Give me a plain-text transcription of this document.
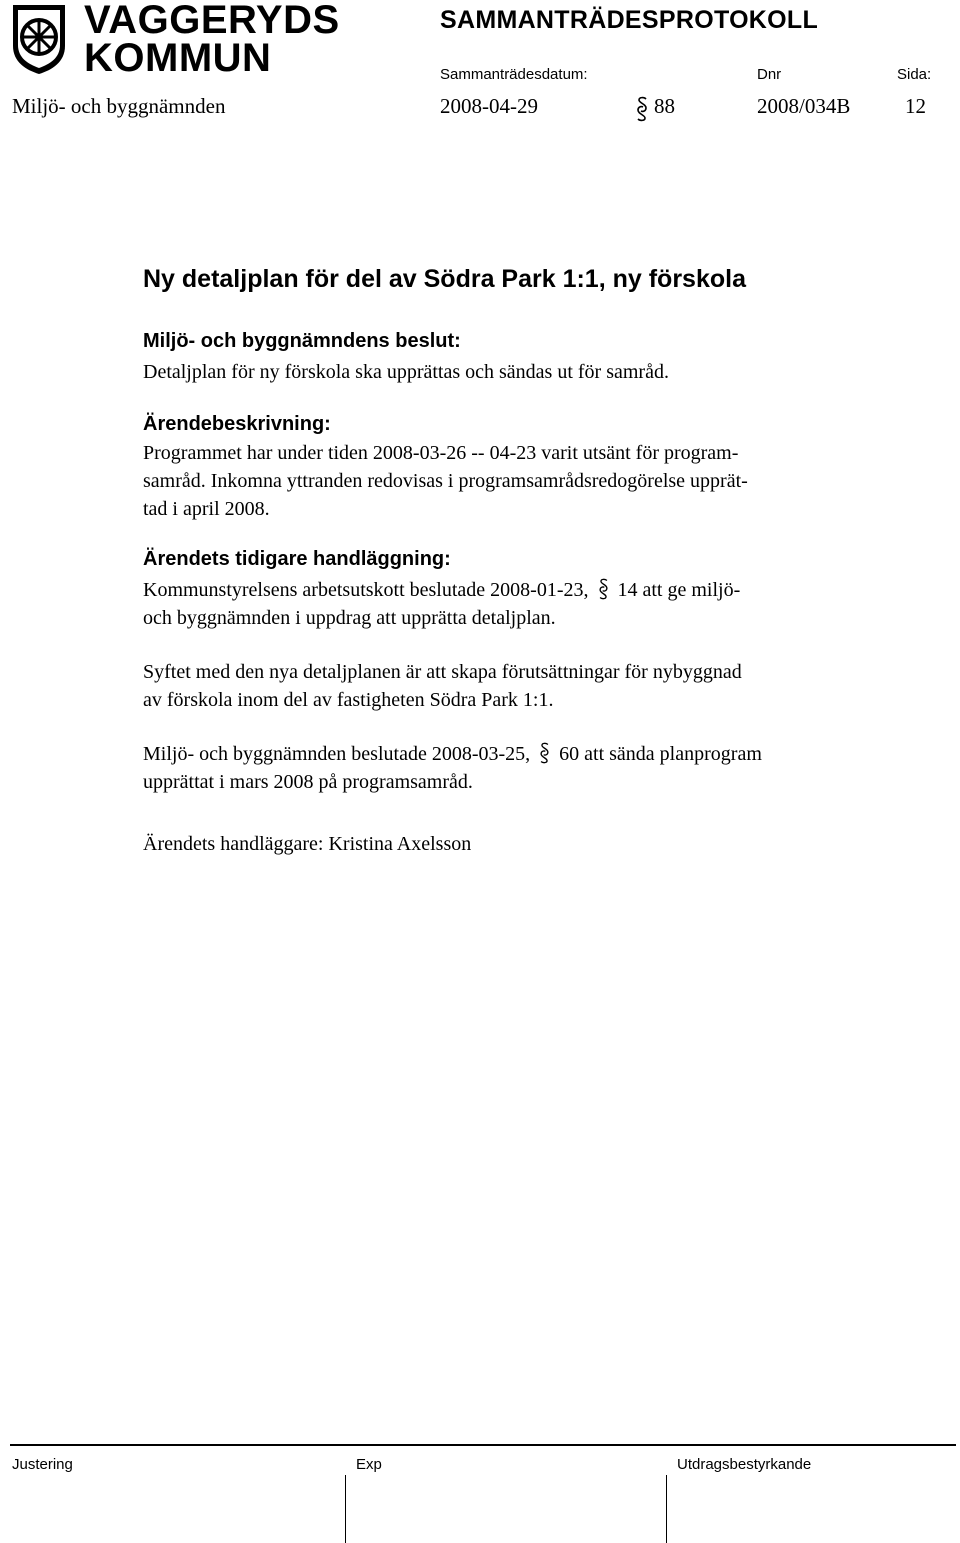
VAGGERYDS
KOMMUN
SAMMANTRÄDESPROTOKOLL
Sammanträdesdatum:	Dnr	Sida:
Miljö- och byggnämnden	2008-04-29	88	2008/034B	12
Ny detaljplan för del av Södra Park 1:1, ny förskola
Miljö- och byggnämndens beslut:
Detaljplan för ny förskola ska upprättas och sändas ut för samråd.
Ärendebeskrivning:
Programmet har under tiden 2008-03-26 -- 04-23 varit utsänt för program-
samråd. Inkomna yttranden redovisas i programsamrådsredogörelse upprät-
tad i april 2008.
Ärendets tidigare handläggning:
Kommunstyrelsens arbetsutskott beslutade 2008-01-23, 14 att ge miljö-
och byggnämnden i uppdrag att upprätta detaljplan.
Syftet med den nya detaljplanen är att skapa förutsättningar för nybyggnad
av förskola inom del av fastigheten Södra Park 1:1.
Miljö- och byggnämnden beslutade 2008-03-25, 60 att sända planprogram
upprättat i mars 2008 på programsamråd.
Ärendets handläggare: Kristina Axelsson
Justering	Exp	Utdragsbestyrkande
